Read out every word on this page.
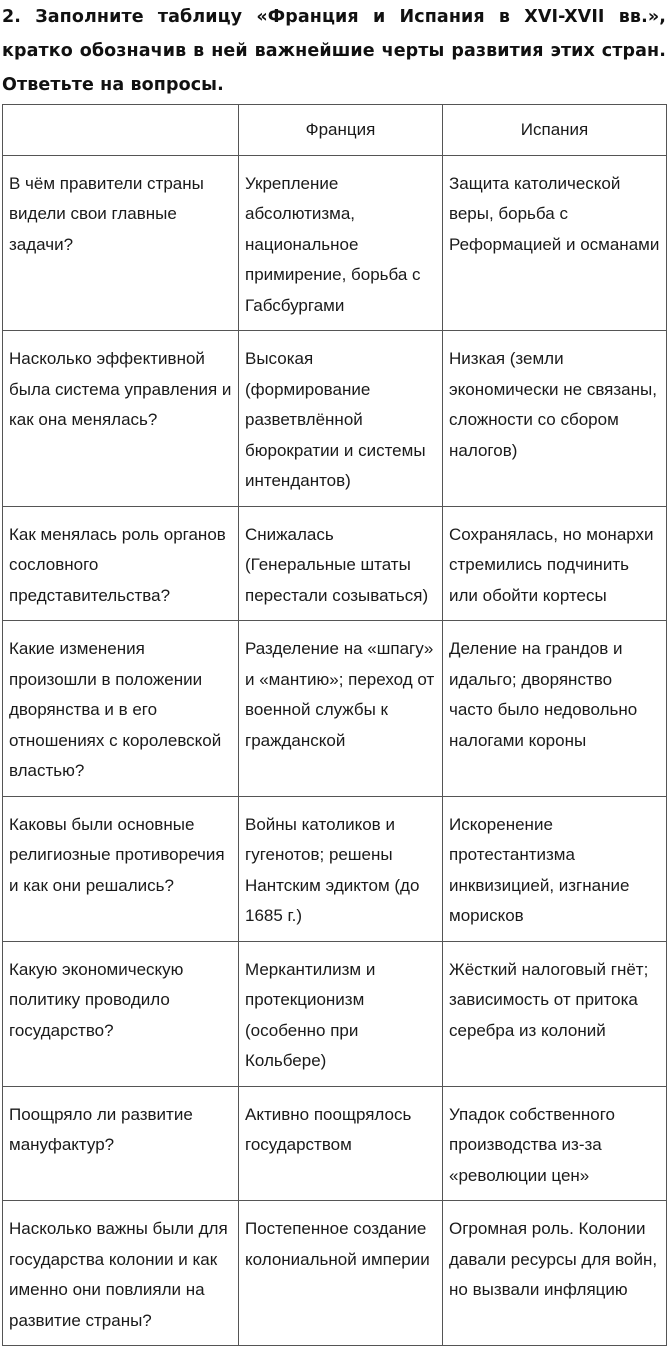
2. Заполните таблицу «Франция и Испания в XVI-XVII вв.», кратко обозначив в ней важнейшие черты развития этих стран. Ответьте на вопросы.
	Франция	Испания
В чём правители страны видели свои главные задачи?	Укрепление абсолютизма, национальное примирение, борьба с Габсбургами	Защита католической веры, борьба с Реформацией и османами
Насколько эффективной была система управления и как она менялась?	Высокая (формирование разветвлённой бюрократии и системы интендантов)	Низкая (земли экономически не связаны, сложности со сбором налогов)
Как менялась роль органов сословного представительства?	Снижалась (Генеральные штаты перестали созываться)	Сохранялась, но монархи стремились подчинить или обойти кортесы
Какие изменения произошли в положении дворянства и в его отношениях с королевской властью?	Разделение на «шпагу» и «мантию»; переход от военной службы к гражданской	Деление на грандов и идальго; дворянство часто было недовольно налогами короны
Каковы были основные религиозные противоречия и как они решались?	Войны католиков и гугенотов; решены Нантским эдиктом (до 1685 г.)	Искоренение протестантизма инквизицией, изгнание морисков
Какую экономическую политику проводило государство?	Меркантилизм и протекционизм (особенно при Кольбере)	Жёсткий налоговый гнёт; зависимость от притока серебра из колоний
Поощряло ли развитие мануфактур?	Активно поощрялось государством	Упадок собственного производства из-за «революции цен»
Насколько важны были для государства колонии и как именно они повлияли на развитие страны?	Постепенное создание колониальной империи	Огромная роль. Колонии давали ресурсы для войн, но вызвали инфляцию
